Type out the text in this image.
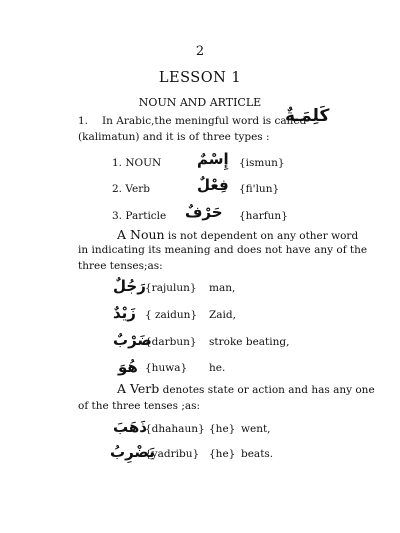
2
LESSON 1
NOUN AND ARTICLE
1. In Arabic,the meningful word is called
كَلِمَـةٌ
(kalimatun) and it is of three types :
1. NOUN إِسْمٌ {ismun}
2. Verb	فِعْلٌ {fi'lun}
3. Particle حَرْفٌ {harfun}
A Noun is not dependent on any other word
in indicating its meaning and does not have any of the
three tenses;as:
رَجُلٌ {rajulun} man,
زَيْدٌ { zaidun} Zaid,
ضَرْبٌ
{darbun} stroke beating,
هُوَ {huwa} he.
A Verb denotes state or action and has any one
of the three tenses ;as:
ذَهَبَ
{dhahaun} {he} went,
يَضْرِبُ
{yadribu} {he} beats.
